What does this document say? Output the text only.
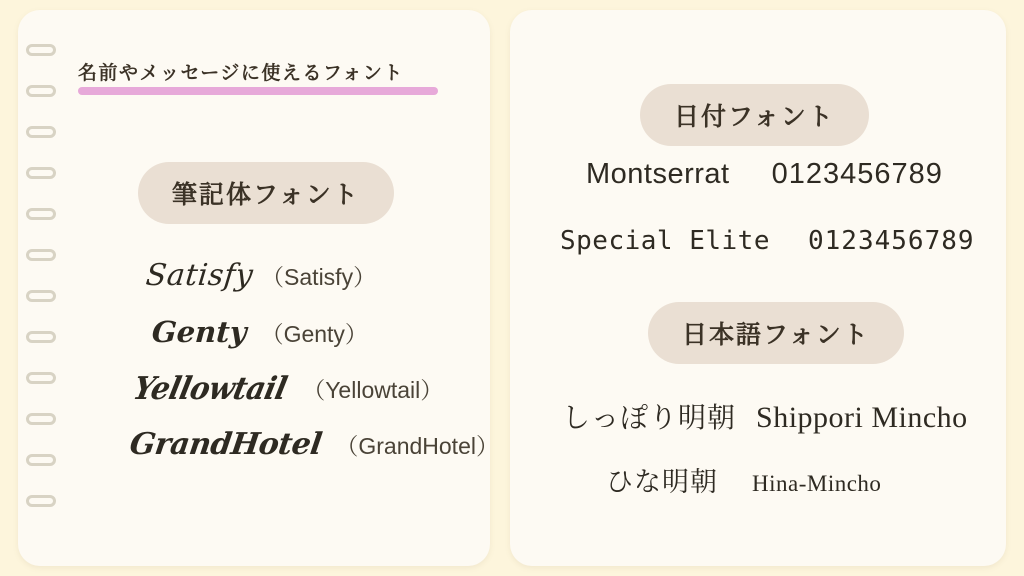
名前やメッセージに使えるフォント
筆記体フォント
Satisfy （Satisfy）
Genty （Genty）
Yellowtail （Yellowtail）
GrandHotel （GrandHotel）
日付フォント
Montserrat 0123456789
Special Elite 0123456789
日本語フォント
しっぽり明朝 Shippori Mincho
ひな明朝 Hina-Mincho
